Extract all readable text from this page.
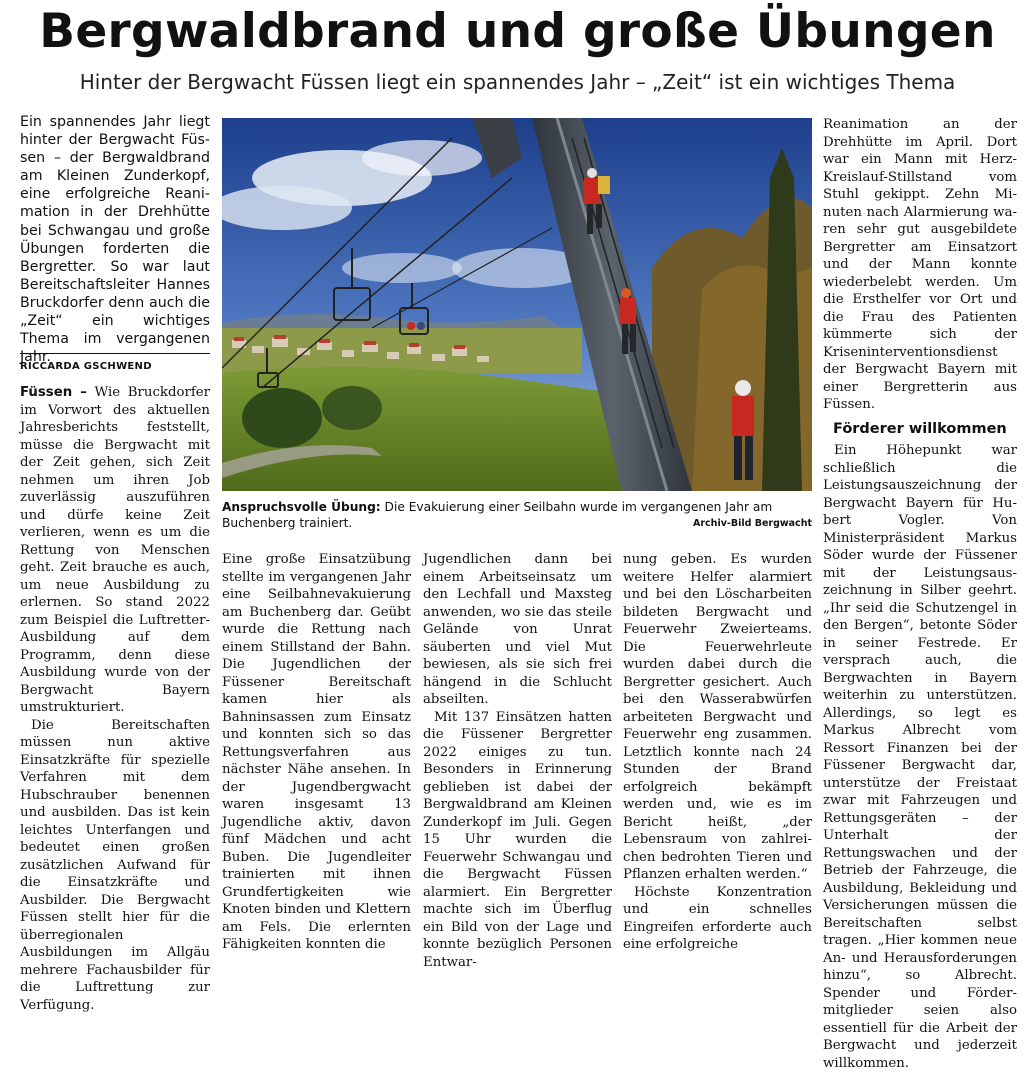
Bergwaldbrand und große Übungen
Hinter der Bergwacht Füssen liegt ein spannendes Jahr – „Zeit“ ist ein wichtiges Thema
Ein spannendes Jahr liegt hinter der Bergwacht Füssen – der Bergwaldbrand am Kleinen Zunderkopf, eine erfolgreiche Reanimation in der Drehhütte bei Schwangau und große Übungen forderten die Bergretter. So war laut Bereitschaftsleiter Hannes Bruckdorfer denn auch die „Zeit“ ein wichtiges Thema im vergangenen Jahr.
RICCARDA GSCHWEND

Füssen – Wie Bruckdorfer im Vorwort des aktuellen Jahresberichts feststellt, müsse die Bergwacht mit der Zeit gehen, sich Zeit nehmen um ihren Job zuverlässig auszuführen und dürfe keine Zeit verlieren, wenn es um die Rettung von Menschen geht. Zeit brauche es auch, um neue Ausbildung zu erlernen. So stand 2022 zum Beispiel die Luftretter-Ausbildung auf dem Programm, denn diese Ausbildung wurde von der Bergwacht Bayern umstrukturiert.

Die Bereitschaften müssen nun aktive Einsatzkräfte für spezielle Verfahren mit dem Hubschrauber benennen und ausbilden. Das ist kein leichtes Unterfangen und bedeutet einen großen zusätzlichen Aufwand für die Einsatzkräfte und Ausbilder. Die Bergwacht Füssen stellt hier für die überregionalen Ausbildungen im Allgäu mehrere Fachausbilder für die Luftrettung zur Verfügung.

Anspruchsvolle Übung: Die Evakuierung einer Seilbahn wurde im vergangenen Jahr am Buchenberg trainiert.	Archiv-Bild Bergwacht

Eine große Einsatzübung stellte im vergangenen Jahr eine Seilbahnevakuierung am Buchenberg dar. Geübt wurde die Rettung nach einem Stillstand der Bahn. Die Jugendlichen der Füssener Bereitschaft kamen hier als Bahninsassen zum Einsatz und konnten sich so das Rettungsverfahren aus nächster Nähe ansehen. In der Jugendbergwacht waren insgesamt 13 Jugendliche aktiv, davon fünf Mädchen und acht Buben. Die Jugendleiter trainierten mit ihnen Grundfertigkeiten wie Knoten binden und Klettern am Fels. Die erlernten Fähigkeiten konnten die

Jugendlichen dann bei einem Arbeitseinsatz um den Lechfall und Maxsteg anwenden, wo sie das steile Gelände von Unrat säuberten und viel Mut bewiesen, als sie sich frei hängend in die Schlucht abseilten.

Mit 137 Einsätzen hatten die Füssener Bergretter 2022 einiges zu tun. Besonders in Erinnerung geblieben ist dabei der Bergwaldbrand am Kleinen Zunderkopf im Juli. Gegen 15 Uhr wurden die Feuerwehr Schwangau und die Bergwacht Füssen alarmiert. Ein Bergretter machte sich im Überflug ein Bild von der Lage und konnte bezüglich Personen Entwar-

nung geben. Es wurden weitere Helfer alarmiert und bei den Löscharbeiten bildeten Bergwacht und Feuerwehr Zweierteams. Die Feuerwehrleute wurden dabei durch die Bergretter gesichert. Auch bei den Wasserabwürfen arbeiteten Bergwacht und Feuerwehr eng zusammen. Letztlich konnte nach 24 Stunden der Brand erfolgreich bekämpft werden und, wie es im Bericht heißt, „der Lebensraum von zahlreichen bedrohten Tieren und Pflanzen erhalten werden.“

Höchste Konzentration und ein schnelles Eingreifen erforderte auch eine erfolgreiche

Reanimation an der Drehhütte im April. Dort war ein Mann mit Herz-Kreislauf-Stillstand vom Stuhl gekippt. Zehn Minuten nach Alarmierung waren sehr gut ausgebildete Bergretter am Einsatzort und der Mann konnte wiederbelebt werden. Um die Ersthelfer vor Ort und die Frau des Patienten kümmerte sich der Kriseninterventionsdienst der Bergwacht Bayern mit einer Bergretterin aus Füssen.

Förderer willkommen

Ein Höhepunkt war schließlich die Leistungsauszeichnung der Bergwacht Bayern für Hubert Vogler. Von Ministerpräsident Markus Söder wurde der Füssener mit der Leistungsauszeichnung in Silber geehrt. „Ihr seid die Schutzengel in den Bergen“, betonte Söder in seiner Festrede. Er versprach auch, die Bergwachten in Bayern weiterhin zu unterstützen. Allerdings, so legt es Markus Albrecht vom Ressort Finanzen bei der Füssener Bergwacht dar, unterstütze der Freistaat zwar mit Fahrzeugen und Rettungsgeräten – der Unterhalt der Rettungswachen und der Betrieb der Fahrzeuge, die Ausbildung, Bekleidung und Versicherungen müssen die Bereitschaften selbst tragen. „Hier kommen neue An- und Herausforderungen hinzu“, so Albrecht. Spender und Fördermitglieder seien also essentiell für die Arbeit der Bergwacht und jederzeit willkommen.
